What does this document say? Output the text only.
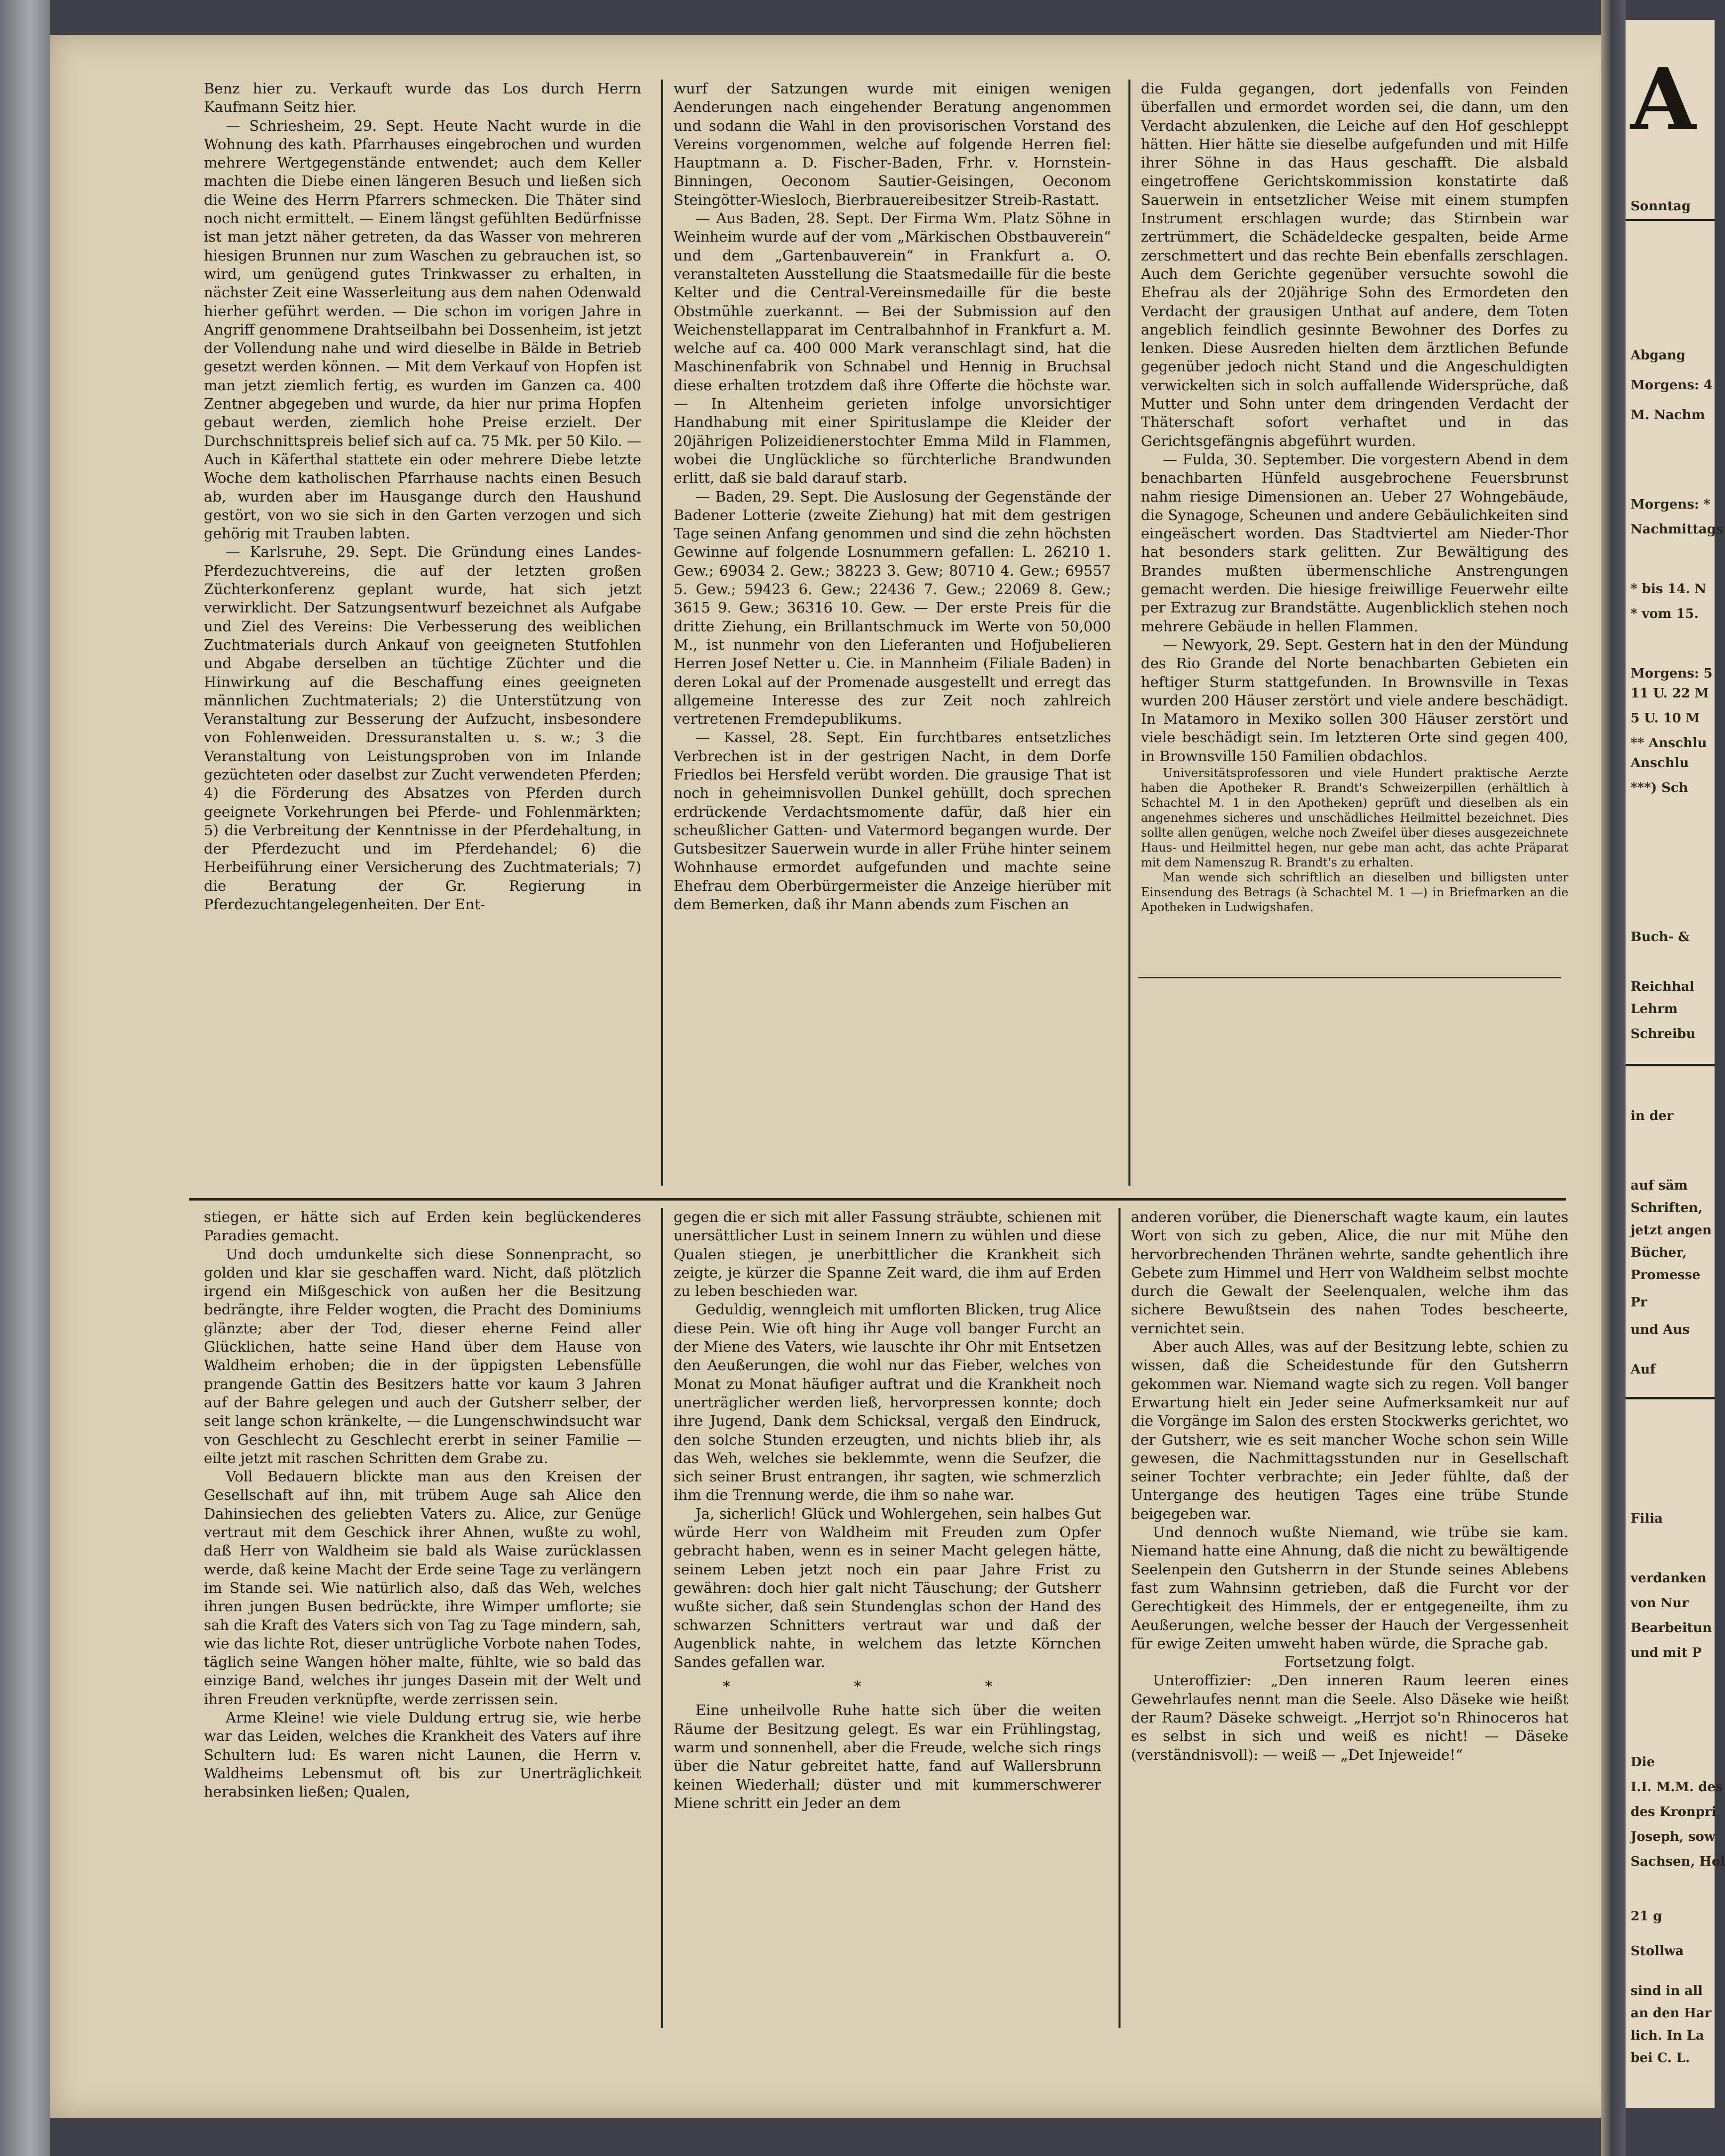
Benz hier zu. Verkauft wurde das Los durch Herrn Kaufmann Seitz hier.

— Schriesheim, 29. Sept. Heute Nacht wurde in die Wohnung des kath. Pfarrhauses eingebrochen und wurden mehrere Wertgegenstände entwendet; auch dem Keller machten die Diebe einen längeren Besuch und ließen sich die Weine des Herrn Pfarrers schmecken. Die Thäter sind noch nicht ermittelt. — Einem längst gefühlten Bedürfnisse ist man jetzt näher getreten, da das Wasser von mehreren hiesigen Brunnen nur zum Waschen zu gebrauchen ist, so wird, um genügend gutes Trinkwasser zu erhalten, in nächster Zeit eine Wasserleitung aus dem nahen Odenwald hierher geführt werden. — Die schon im vorigen Jahre in Angriff genommene Drahtseilbahn bei Dossenheim, ist jetzt der Vollendung nahe und wird dieselbe in Bälde in Betrieb gesetzt werden können. — Mit dem Verkauf von Hopfen ist man jetzt ziemlich fertig, es wurden im Ganzen ca. 400 Zentner abgegeben und wurde, da hier nur prima Hopfen gebaut werden, ziemlich hohe Preise erzielt. Der Durchschnittspreis belief sich auf ca. 75 Mk. per 50 Kilo. — Auch in Käferthal stattete ein oder mehrere Diebe letzte Woche dem katholischen Pfarrhause nachts einen Besuch ab, wurden aber im Hausgange durch den Haushund gestört, von wo sie sich in den Garten verzogen und sich gehörig mit Trauben labten.

— Karlsruhe, 29. Sept. Die Gründung eines Landes-Pferdezuchtvereins, die auf der letzten großen Züchterkonferenz geplant wurde, hat sich jetzt verwirklicht. Der Satzungsentwurf bezeichnet als Aufgabe und Ziel des Vereins: Die Verbesserung des weiblichen Zuchtmaterials durch Ankauf von geeigneten Stutfohlen und Abgabe derselben an tüchtige Züchter und die Hinwirkung auf die Beschaffung eines geeigneten männlichen Zuchtmaterials; 2) die Unterstützung von Veranstaltung zur Besserung der Aufzucht, insbesondere von Fohlenweiden. Dressuranstalten u. s. w.; 3 die Veranstaltung von Leistungsproben von im Inlande gezüchteten oder daselbst zur Zucht verwendeten Pferden; 4) die Förderung des Absatzes von Pferden durch geeignete Vorkehrungen bei Pferde- und Fohlenmärkten; 5) die Verbreitung der Kenntnisse in der Pferdehaltung, in der Pferdezucht und im Pferdehandel; 6) die Herbeiführung einer Versicherung des Zuchtmaterials; 7) die Beratung der Gr. Regierung in Pferdezuchtangelegenheiten. Der Ent-

wurf der Satzungen wurde mit einigen wenigen Aenderungen nach eingehender Beratung angenommen und sodann die Wahl in den provisorischen Vorstand des Vereins vorgenommen, welche auf folgende Herren fiel: Hauptmann a. D. Fischer-Baden, Frhr. v. Hornstein-Binningen, Oeconom Sautier-Geisingen, Oeconom Steingötter-Wiesloch, Bierbrauereibesitzer Streib-Rastatt.

— Aus Baden, 28. Sept. Der Firma Wm. Platz Söhne in Weinheim wurde auf der vom „Märkischen Obstbauverein“ und dem „Gartenbauverein“ in Frankfurt a. O. veranstalteten Ausstellung die Staatsmedaille für die beste Kelter und die Central-Vereinsmedaille für die beste Obstmühle zuerkannt. — Bei der Submission auf den Weichenstellapparat im Centralbahnhof in Frankfurt a. M. welche auf ca. 400 000 Mark veranschlagt sind, hat die Maschinenfabrik von Schnabel und Hennig in Bruchsal diese erhalten trotzdem daß ihre Offerte die höchste war. — In Altenheim gerieten infolge unvorsichtiger Handhabung mit einer Spirituslampe die Kleider der 20jährigen Polizeidienerstochter Emma Mild in Flammen, wobei die Unglückliche so fürchterliche Brandwunden erlitt, daß sie bald darauf starb.

— Baden, 29. Sept. Die Auslosung der Gegenstände der Badener Lotterie (zweite Ziehung) hat mit dem gestrigen Tage seinen Anfang genommen und sind die zehn höchsten Gewinne auf folgende Losnummern gefallen: L. 26210 1. Gew.; 69034 2. Gew.; 38223 3. Gew; 80710 4. Gew.; 69557 5. Gew.; 59423 6. Gew.; 22436 7. Gew.; 22069 8. Gew.; 3615 9. Gew.; 36316 10. Gew. — Der erste Preis für die dritte Ziehung, ein Brillantschmuck im Werte von 50,000 M., ist nunmehr von den Lieferanten und Hofjubelieren Herren Josef Netter u. Cie. in Mannheim (Filiale Baden) in deren Lokal auf der Promenade ausgestellt und erregt das allgemeine Interesse des zur Zeit noch zahlreich vertretenen Fremdepublikums.

— Kassel, 28. Sept. Ein furchtbares entsetzliches Verbrechen ist in der gestrigen Nacht, in dem Dorfe Friedlos bei Hersfeld verübt worden. Die grausige That ist noch in geheimnisvollen Dunkel gehüllt, doch sprechen erdrückende Verdachtsmomente dafür, daß hier ein scheußlicher Gatten- und Vatermord begangen wurde. Der Gutsbesitzer Sauerwein wurde in aller Frühe hinter seinem Wohnhause ermordet aufgefunden und machte seine Ehefrau dem Oberbürgermeister die Anzeige hierüber mit dem Bemerken, daß ihr Mann abends zum Fischen an

die Fulda gegangen, dort jedenfalls von Feinden überfallen und ermordet worden sei, die dann, um den Verdacht abzulenken, die Leiche auf den Hof geschleppt hätten. Hier hätte sie dieselbe aufgefunden und mit Hilfe ihrer Söhne in das Haus geschafft. Die alsbald eingetroffene Gerichtskommission konstatirte daß Sauerwein in entsetzlicher Weise mit einem stumpfen Instrument erschlagen wurde; das Stirnbein war zertrümmert, die Schädeldecke gespalten, beide Arme zerschmettert und das rechte Bein ebenfalls zerschlagen. Auch dem Gerichte gegenüber versuchte sowohl die Ehefrau als der 20jährige Sohn des Ermordeten den Verdacht der grausigen Unthat auf andere, dem Toten angeblich feindlich gesinnte Bewohner des Dorfes zu lenken. Diese Ausreden hielten dem ärztlichen Befunde gegenüber jedoch nicht Stand und die Angeschuldigten verwickelten sich in solch auffallende Widersprüche, daß Mutter und Sohn unter dem dringenden Verdacht der Thäterschaft sofort verhaftet und in das Gerichtsgefängnis abgeführt wurden.

— Fulda, 30. September. Die vorgestern Abend in dem benachbarten Hünfeld ausgebrochene Feuersbrunst nahm riesige Dimensionen an. Ueber 27 Wohngebäude, die Synagoge, Scheunen und andere Gebäulichkeiten sind eingeäschert worden. Das Stadtviertel am Nieder-Thor hat besonders stark gelitten. Zur Bewältigung des Brandes mußten übermenschliche Anstrengungen gemacht werden. Die hiesige freiwillige Feuerwehr eilte per Extrazug zur Brandstätte. Augenblicklich stehen noch mehrere Gebäude in hellen Flammen.

— Newyork, 29. Sept. Gestern hat in den der Mündung des Rio Grande del Norte benachbarten Gebieten ein heftiger Sturm stattgefunden. In Brownsville in Texas wurden 200 Häuser zerstört und viele andere beschädigt. In Matamoro in Mexiko sollen 300 Häuser zerstört und viele beschädigt sein. Im letzteren Orte sind gegen 400, in Brownsville 150 Familien obdachlos.

Universitätsprofessoren und viele Hundert praktische Aerzte haben die Apotheker R. Brandt's Schweizerpillen (erhältlich à Schachtel M. 1 in den Apotheken) geprüft und dieselben als ein angenehmes sicheres und unschädliches Heilmittel bezeichnet. Dies sollte allen genügen, welche noch Zweifel über dieses ausgezeichnete Haus- und Heilmittel hegen, nur gebe man acht, das achte Präparat mit dem Namenszug R. Brandt's zu erhalten.

Man wende sich schriftlich an dieselben und billigsten unter Einsendung des Betrags (à Schachtel M. 1 —) in Briefmarken an die Apotheken in Ludwigshafen.

stiegen, er hätte sich auf Erden kein beglückenderes Paradies gemacht.

Und doch umdunkelte sich diese Sonnenpracht, so golden und klar sie geschaffen ward. Nicht, daß plötzlich irgend ein Mißgeschick von außen her die Besitzung bedrängte, ihre Felder wogten, die Pracht des Dominiums glänzte; aber der Tod, dieser eherne Feind aller Glücklichen, hatte seine Hand über dem Hause von Waldheim erhoben; die in der üppigsten Lebensfülle prangende Gattin des Besitzers hatte vor kaum 3 Jahren auf der Bahre gelegen und auch der Gutsherr selber, der seit lange schon kränkelte, — die Lungenschwindsucht war von Geschlecht zu Geschlecht ererbt in seiner Familie — eilte jetzt mit raschen Schritten dem Grabe zu.

Voll Bedauern blickte man aus den Kreisen der Gesellschaft auf ihn, mit trübem Auge sah Alice den Dahinsiechen des geliebten Vaters zu. Alice, zur Genüge vertraut mit dem Geschick ihrer Ahnen, wußte zu wohl, daß Herr von Waldheim sie bald als Waise zurücklassen werde, daß keine Macht der Erde seine Tage zu verlängern im Stande sei. Wie natürlich also, daß das Weh, welches ihren jungen Busen bedrückte, ihre Wimper umflorte; sie sah die Kraft des Vaters sich von Tag zu Tage mindern, sah, wie das lichte Rot, dieser untrügliche Vorbote nahen Todes, täglich seine Wangen höher malte, fühlte, wie so bald das einzige Band, welches ihr junges Dasein mit der Welt und ihren Freuden verknüpfte, werde zerrissen sein.

Arme Kleine! wie viele Duldung ertrug sie, wie herbe war das Leiden, welches die Krankheit des Vaters auf ihre Schultern lud: Es waren nicht Launen, die Herrn v. Waldheims Lebensmut oft bis zur Unerträglichkeit herabsinken ließen; Qualen,

gegen die er sich mit aller Fassung sträubte, schienen mit unersättlicher Lust in seinem Innern zu wühlen und diese Qualen stiegen, je unerbittlicher die Krankheit sich zeigte, je kürzer die Spanne Zeit ward, die ihm auf Erden zu leben beschieden war.

Geduldig, wenngleich mit umflorten Blicken, trug Alice diese Pein. Wie oft hing ihr Auge voll banger Furcht an der Miene des Vaters, wie lauschte ihr Ohr mit Entsetzen den Aeußerungen, die wohl nur das Fieber, welches von Monat zu Monat häufiger auftrat und die Krankheit noch unerträglicher werden ließ, hervorpressen konnte; doch ihre Jugend, Dank dem Schicksal, vergaß den Eindruck, den solche Stunden erzeugten, und nichts blieb ihr, als das Weh, welches sie beklemmte, wenn die Seufzer, die sich seiner Brust entrangen, ihr sagten, wie schmerzlich ihm die Trennung werde, die ihm so nahe war.

Ja, sicherlich! Glück und Wohlergehen, sein halbes Gut würde Herr von Waldheim mit Freuden zum Opfer gebracht haben, wenn es in seiner Macht gelegen hätte, seinem Leben jetzt noch ein paar Jahre Frist zu gewähren: doch hier galt nicht Täuschung; der Gutsherr wußte sicher, daß sein Stundenglas schon der Hand des schwarzen Schnitters vertraut war und daß der Augenblick nahte, in welchem das letzte Körnchen Sandes gefallen war.

* * *

Eine unheilvolle Ruhe hatte sich über die weiten Räume der Besitzung gelegt. Es war ein Frühlingstag, warm und sonnenhell, aber die Freude, welche sich rings über die Natur gebreitet hatte, fand auf Wallersbrunn keinen Wiederhall; düster und mit kummerschwerer Miene schritt ein Jeder an dem

anderen vorüber, die Dienerschaft wagte kaum, ein lautes Wort von sich zu geben, Alice, die nur mit Mühe den hervorbrechenden Thränen wehrte, sandte gehentlich ihre Gebete zum Himmel und Herr von Waldheim selbst mochte durch die Gewalt der Seelenqualen, welche ihm das sichere Bewußtsein des nahen Todes bescheerte, vernichtet sein.

Aber auch Alles, was auf der Besitzung lebte, schien zu wissen, daß die Scheidestunde für den Gutsherrn gekommen war. Niemand wagte sich zu regen. Voll banger Erwartung hielt ein Jeder seine Aufmerksamkeit nur auf die Vorgänge im Salon des ersten Stockwerks gerichtet, wo der Gutsherr, wie es seit mancher Woche schon sein Wille gewesen, die Nachmittagsstunden nur in Gesellschaft seiner Tochter verbrachte; ein Jeder fühlte, daß der Untergange des heutigen Tages eine trübe Stunde beigegeben war.

Und dennoch wußte Niemand, wie trübe sie kam. Niemand hatte eine Ahnung, daß die nicht zu bewältigende Seelenpein den Gutsherrn in der Stunde seines Ablebens fast zum Wahnsinn getrieben, daß die Furcht vor der Gerechtigkeit des Himmels, der er entgegeneilte, ihm zu Aeußerungen, welche besser der Hauch der Vergessenheit für ewige Zeiten umweht haben würde, die Sprache gab.

Fortsetzung folgt.

Unteroffizier: „Den inneren Raum leeren eines Gewehrlaufes nennt man die Seele. Also Däseke wie heißt der Raum? Däseke schweigt. „Herrjot so'n Rhinoceros hat es selbst in sich und weiß es nicht! — Däseke (verständnisvoll): — weiß — „Det Injeweide!“

A
Sonntag
Abgang
Morgens: 4
M. Nachm
Morgens: *
Nachmittags
* bis 14. N
* vom 15.
Morgens: 5
11 U. 22 M
5 U. 10 M
** Anschlu
Anschlu
***) Sch
Buch- &
Reichhal
Lehrm
Schreibu
in der
auf säm
Schriften,
jetzt angen
Bücher,
Promesse
Pr
und Aus
Auf
Filia
verdanken
von Nur
Bearbeitun
und mit P
Die
I.I. M.M. des
des Kronpri
Joseph, sow
Sachsen, Hol
21 g
Stollwa
sind in all
an den Har
lich. In La
bei C. L.
